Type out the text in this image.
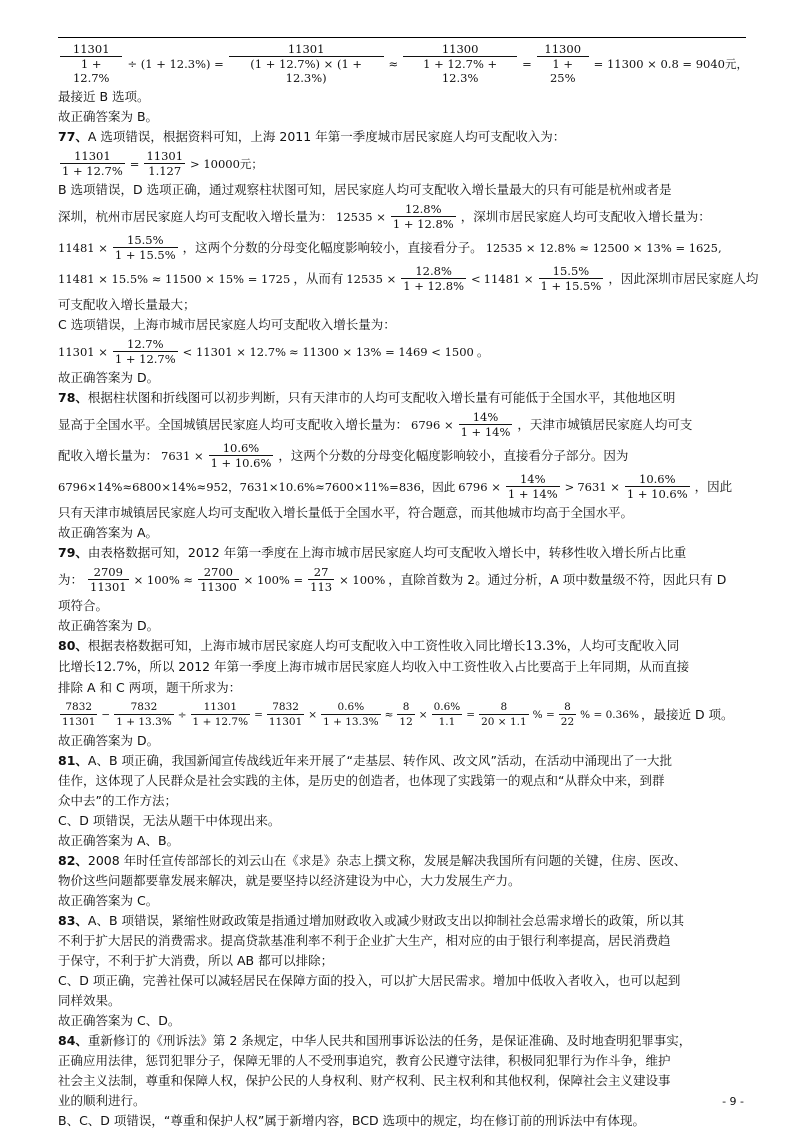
$\frac{11301}{1 + 12.7\%} \div (1 + 12.3\%) = \frac{11301}{(1 + 12.7\%) \times (1 + 12.3\%)} \approx \frac{11300}{1 + 12.7\% + 12.3\%} = \frac{11300}{1 + 25\%} = 11300 \times 0.8 = 9040$元，

最接近 B 选项。

故正确答案为 B。

77、A 选项错误，根据资料可知，上海 2011 年第一季度城市居民家庭人均可支配收入为：

$\frac{11301}{1 + 12.7\%} = \frac{11301}{1.127} > 10000$元；

B 选项错误，D 选项正确，通过观察柱状图可知，居民家庭人均可支配收入增长量最大的只有可能是杭州或者是

深圳，杭州市居民家庭人均可支配收入增长量为： $12535 \times \frac{12.8\%}{1 + 12.8\%}$ ，深圳市居民家庭人均可支配收入增长量为：
$11481 \times \frac{15.5\%}{1 + 15.5\%}$ ，这两个分数的分母变化幅度影响较小，直接看分子。 12535 × 12.8% ≈ 12500 × 13% = 1625,
11481 × 15.5% ≈ 11500 × 15% = 1725 ，从而有 $12535 \times \frac{12.8\%}{1 + 12.8\%} < 11481 \times \frac{15.5\%}{1 + 15.5\%}$ ，因此深圳市居民家庭人均

可支配收入增长量最大；

C 选项错误，上海市城市居民家庭人均可支配收入增长量为：

$11301 \times \frac{12.7\%}{1 + 12.7\%} < 11301 \times 12.7\% \approx 11300 \times 13\% = 1469 < 1500$ 。

故正确答案为 D。

78、根据柱状图和折线图可以初步判断，只有天津市的人均可支配收入增长量有可能低于全国水平，其他地区明

显高于全国水平。全国城镇居民家庭人均可支配收入增长量为： $6796 \times \frac{14\%}{1 + 14\%}$ ，天津市城镇居民家庭人均可支
配收入增长量为： $7631 \times \frac{10.6\%}{1 + 10.6\%}$ ，这两个分数的分母变化幅度影响较小，直接看分子部分。因为
6796×14%≈6800×14%≈952，7631×10.6%≈7600×11%=836，因此 $6796 \times \frac{14\%}{1 + 14\%} > 7631 \times \frac{10.6\%}{1 + 10.6\%}$ ，因此

只有天津市城镇居民家庭人均可支配收入增长量低于全国水平，符合题意，而其他城市均高于全国水平。

故正确答案为 A。

79、由表格数据可知，2012 年第一季度在上海市城市居民家庭人均可支配收入增长中，转移性收入增长所占比重

为： $\frac{2709}{11301} \times 100\% \approx \frac{2700}{11300} \times 100\% = \frac{27}{113} \times 100\%$ ，直除首数为 2。通过分析，A 项中数量级不符，因此只有 D

项符合。

故正确答案为 D。

80、根据表格数据可知，上海市城市居民家庭人均可支配收入中工资性收入同比增长13.3%，人均可支配收入同

比增长12.7%，所以 2012 年第一季度上海市城市居民家庭人均收入中工资性收入占比要高于上年同期，从而直接

排除 A 和 C 两项，题干所求为：

$\frac{7832}{11301} - \frac{7832}{1 + 13.3\%} \div \frac{11301}{1 + 12.7\%} = \frac{7832}{11301} \times \frac{0.6\%}{1 + 13.3\%} \approx \frac{8}{12} \times \frac{0.6\%}{1.1} = \frac{8}{20 \times 1.1}$ % = $\frac{8}{22}$ % = 0.36% ，最接近 D 项。

故正确答案为 D。

81、A、B 项正确，我国新闻宣传战线近年来开展了“走基层、转作风、改文风”活动，在活动中涌现出了一大批

佳作，这体现了人民群众是社会实践的主体，是历史的创造者，也体现了实践第一的观点和“从群众中来，到群

众中去”的工作方法；

C、D 项错误，无法从题干中体现出来。

故正确答案为 A、B。

82、2008 年时任宣传部部长的刘云山在《求是》杂志上撰文称，发展是解决我国所有问题的关键，住房、医改、

物价这些问题都要靠发展来解决，就是要坚持以经济建设为中心，大力发展生产力。

故正确答案为 C。

83、A、B 项错误，紧缩性财政政策是指通过增加财政收入或减少财政支出以抑制社会总需求增长的政策，所以其

不利于扩大居民的消费需求。提高贷款基准利率不利于企业扩大生产，相对应的由于银行利率提高，居民消费趋

于保守，不利于扩大消费，所以 AB 都可以排除；

C、D 项正确，完善社保可以减轻居民在保障方面的投入，可以扩大居民需求。增加中低收入者收入，也可以起到

同样效果。

故正确答案为 C、D。

84、重新修订的《刑诉法》第 2 条规定，中华人民共和国刑事诉讼法的任务，是保证准确、及时地查明犯罪事实，

正确应用法律，惩罚犯罪分子，保障无罪的人不受刑事追究，教育公民遵守法律，积极同犯罪行为作斗争，维护

社会主义法制，尊重和保障人权，保护公民的人身权利、财产权利、民主权利和其他权利，保障社会主义建设事

业的顺利进行。

B、C、D 项错误，“尊重和保护人权”属于新增内容，BCD 选项中的规定，均在修订前的刑诉法中有体现。

- 9 -
